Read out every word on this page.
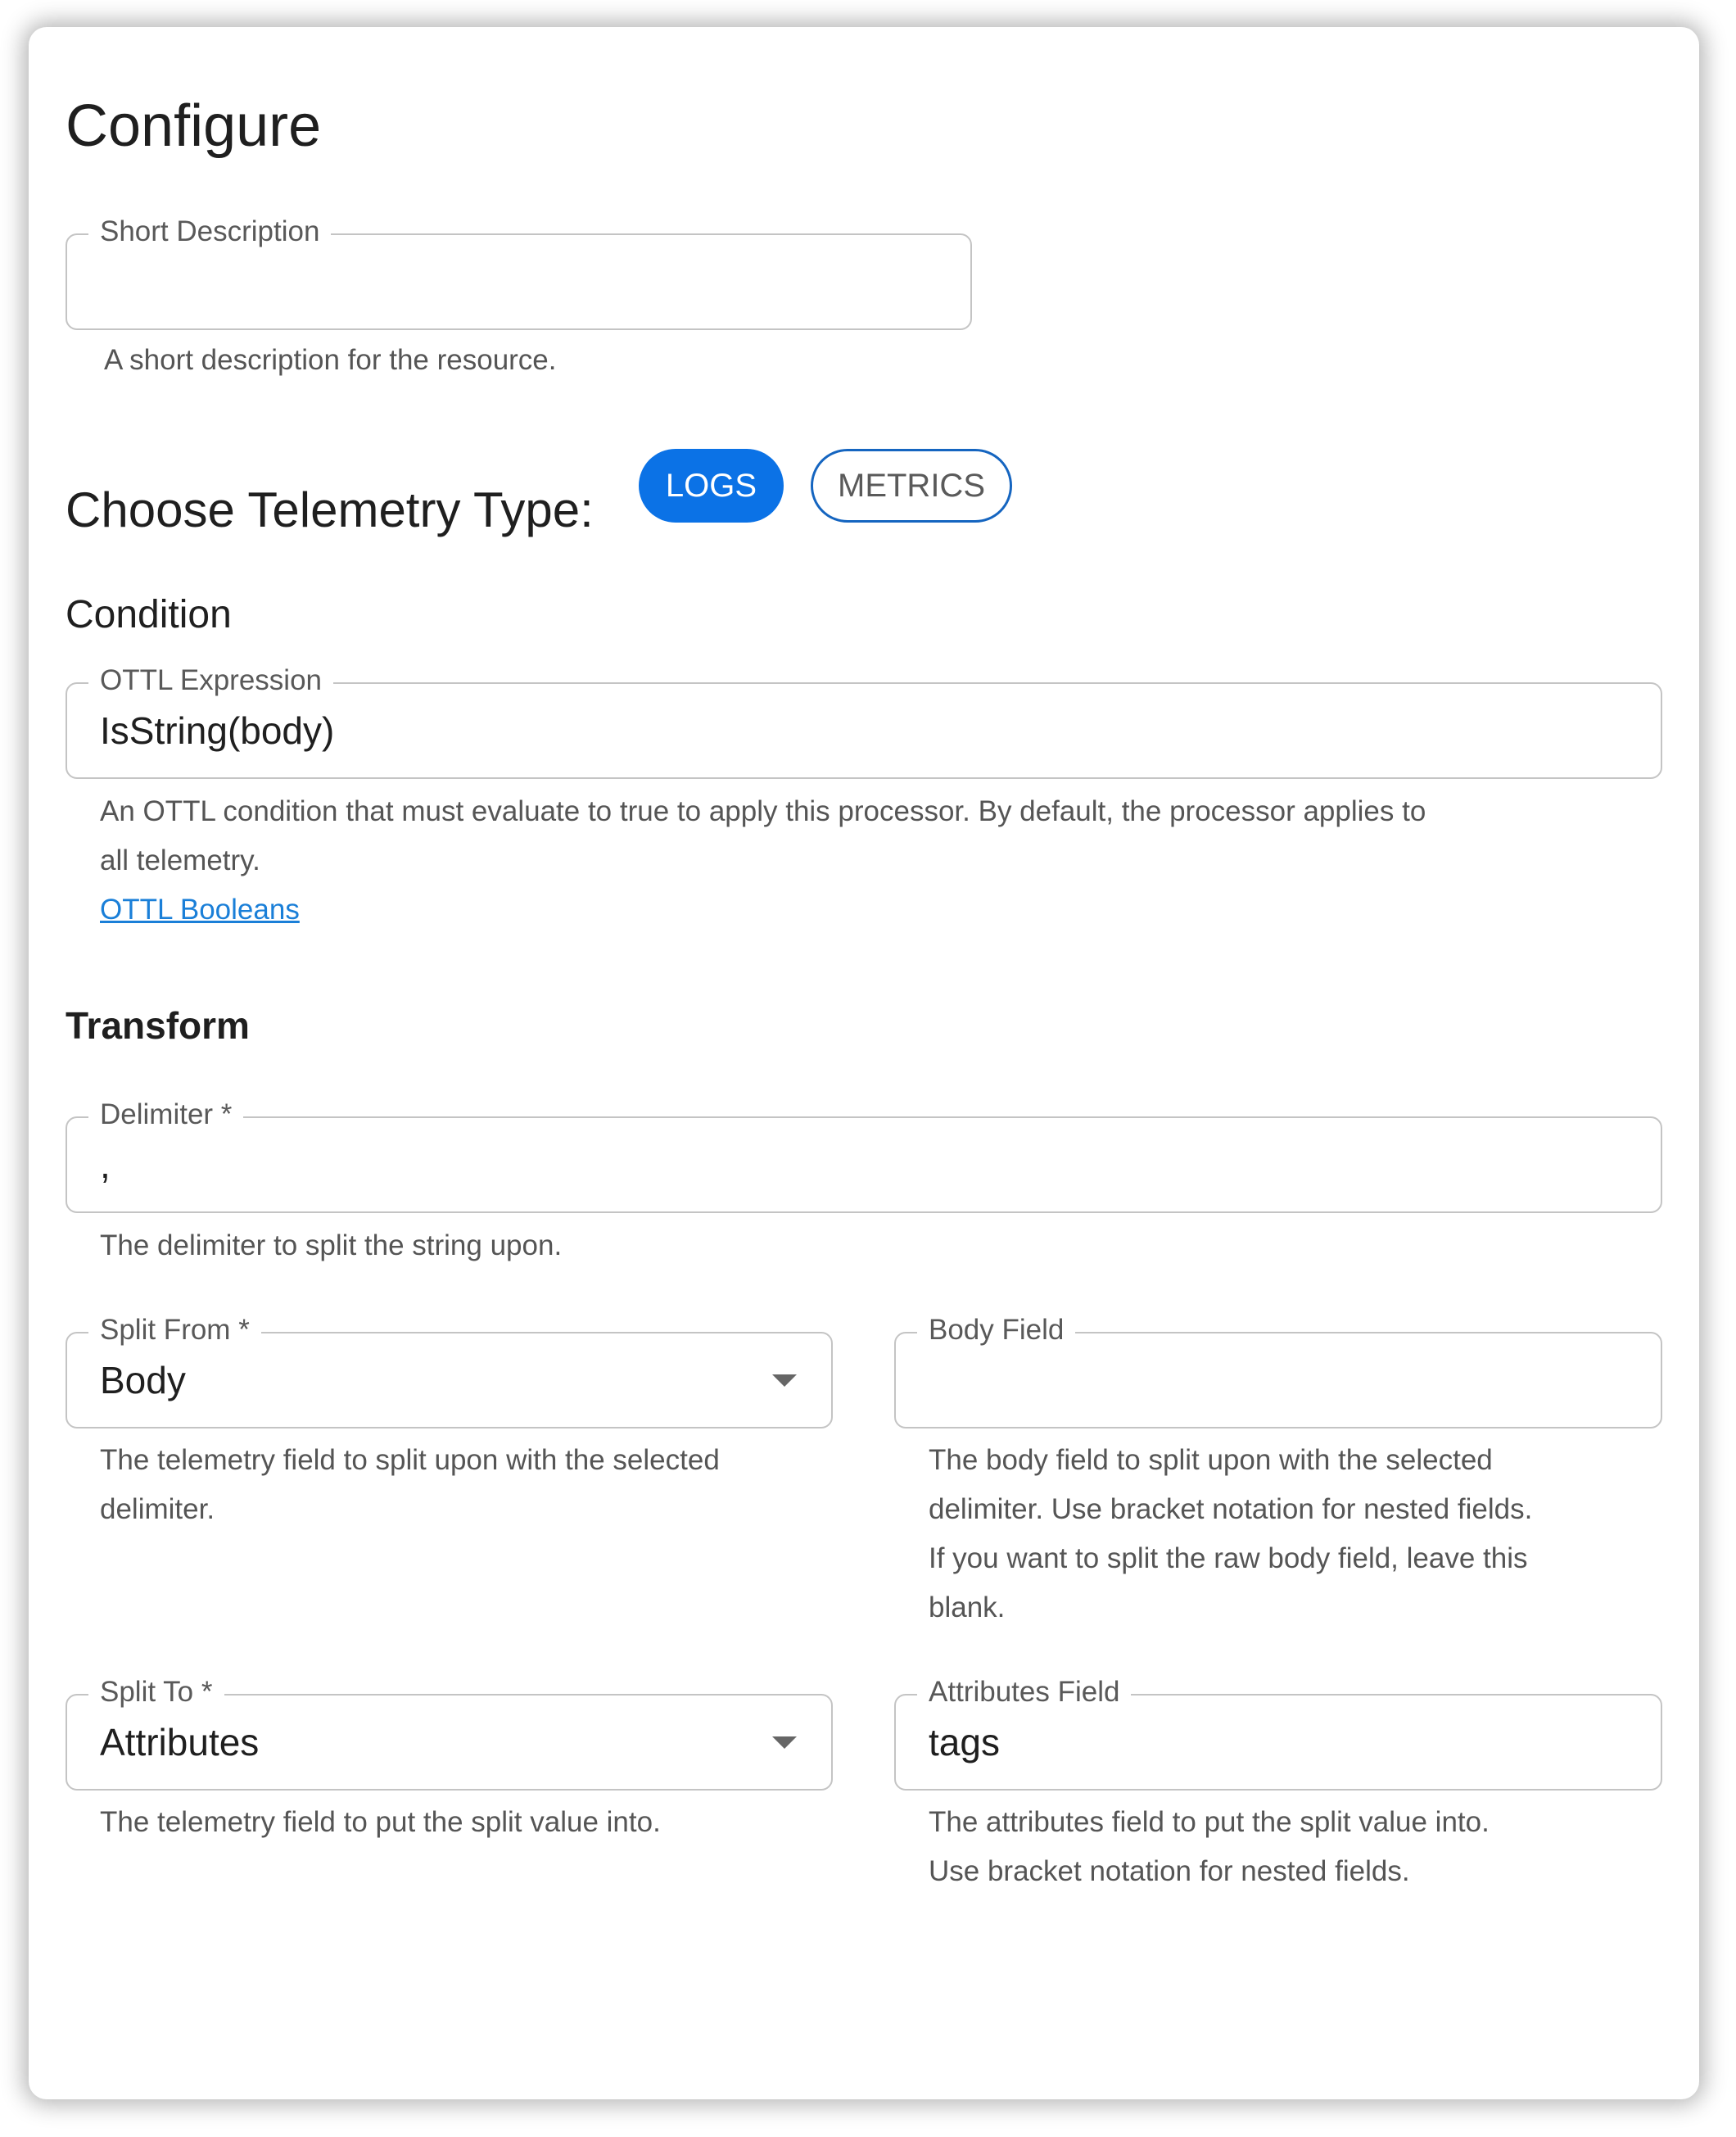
Configure
Short Description
A short description for the resource.
Choose Telemetry Type:	LOGS	METRICS
Condition
OTTL Expression
IsString(body)
An OTTL condition that must evaluate to true to apply this processor. By default, the processor applies to
all telemetry.
OTTL Booleans
Transform
Delimiter *
,
The delimiter to split the string upon.
Split From *
Body
The telemetry field to split upon with the selected
delimiter.
Body Field
The body field to split upon with the selected
delimiter. Use bracket notation for nested fields.
If you want to split the raw body field, leave this
blank.
Split To *
Attributes
The telemetry field to put the split value into.
Attributes Field
tags
The attributes field to put the split value into.
Use bracket notation for nested fields.
